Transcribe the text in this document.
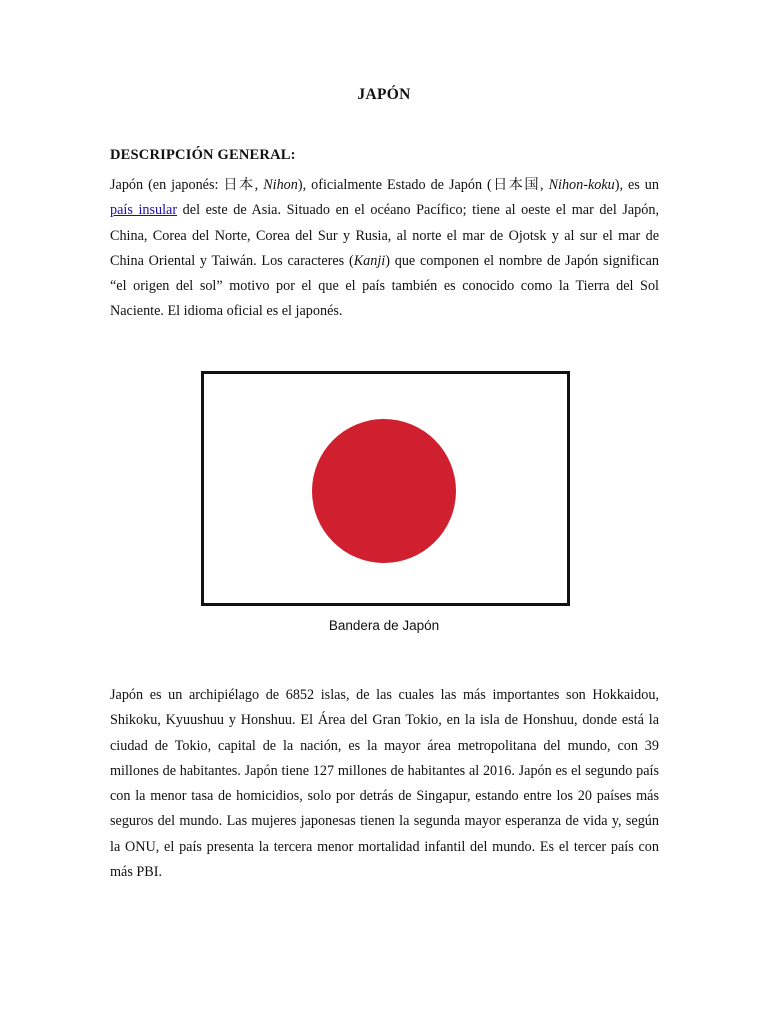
JAPÓN
DESCRIPCIÓN GENERAL:
Japón (en japonés: 日本, Nihon), oficialmente Estado de Japón (日本国, Nihon-koku), es un país insular del este de Asia. Situado en el océano Pacífico; tiene al oeste el mar del Japón, China, Corea del Norte, Corea del Sur y Rusia, al norte el mar de Ojotsk y al sur el mar de China Oriental y Taiwán. Los caracteres (Kanji) que componen el nombre de Japón significan “el origen del sol” motivo por el que el país también es conocido como la Tierra del Sol Naciente. El idioma oficial es el japonés.
Bandera de Japón
Japón es un archipiélago de 6852 islas, de las cuales las más importantes son Hokkaidou, Shikoku, Kyuushuu y Honshuu. El Área del Gran Tokio, en la isla de Honshuu, donde está la ciudad de Tokio, capital de la nación, es la mayor área metropolitana del mundo, con 39 millones de habitantes. Japón tiene 127 millones de habitantes al 2016. Japón es el segundo país con la menor tasa de homicidios, solo por detrás de Singapur, estando entre los 20 países más seguros del mundo. Las mujeres japonesas tienen la segunda mayor esperanza de vida y, según la ONU, el país presenta la tercera menor mortalidad infantil del mundo. Es el tercer país con más PBI.
